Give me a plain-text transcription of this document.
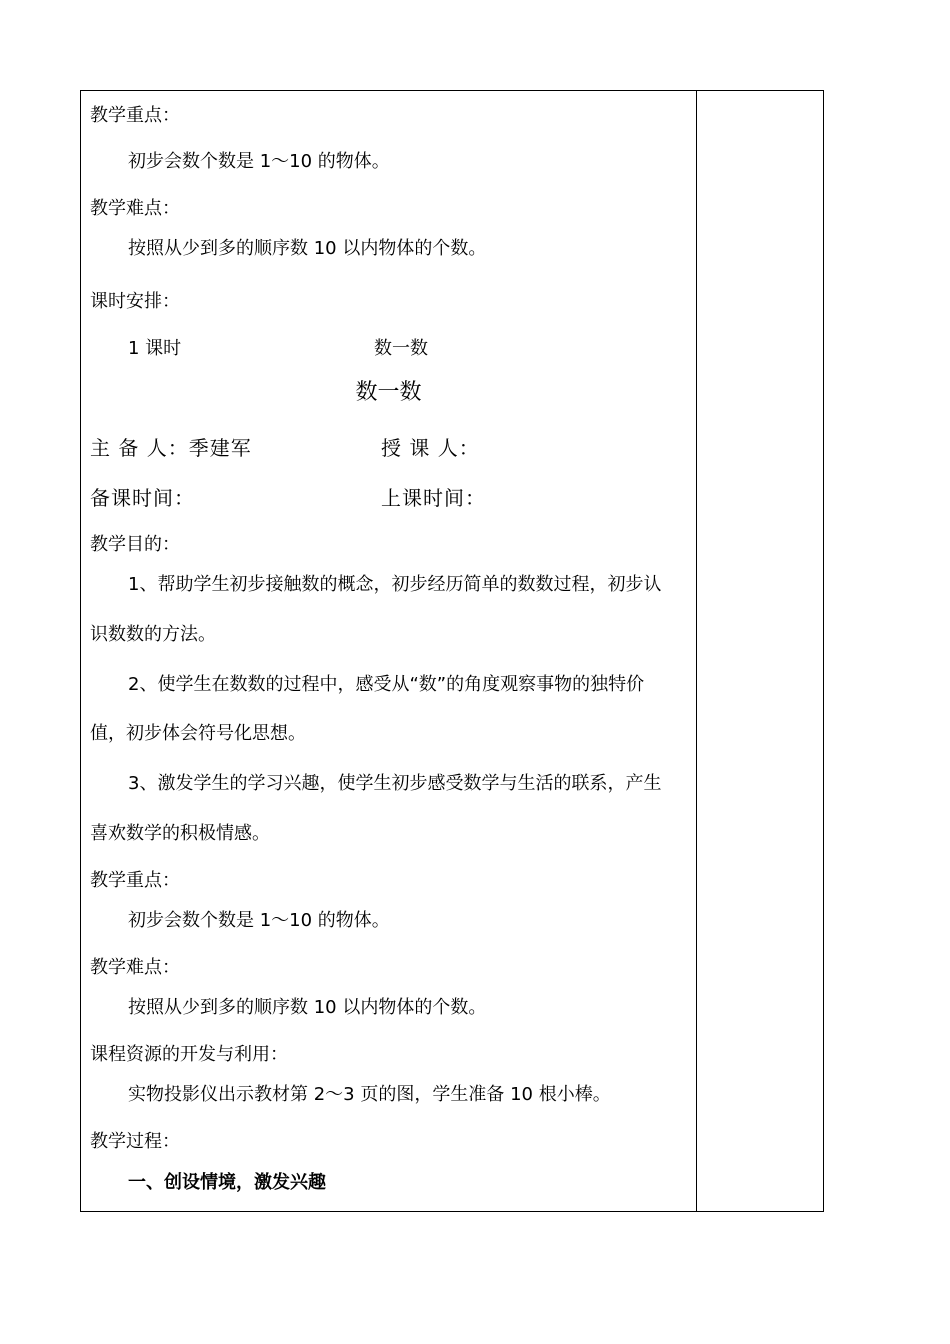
教学重点：
初步会数个数是 1～10 的物体。
教学难点：
按照从少到多的顺序数 10 以内物体的个数。
课时安排：
1 课时	数一数
数一数
主 备 人：季建军	授 课 人：
备课时间：	上课时间：
教学目的：
1、帮助学生初步接触数的概念，初步经历简单的数数过程，初步认
识数数的方法。
2、使学生在数数的过程中，感受从“数”的角度观察事物的独特价
值，初步体会符号化思想。
3、激发学生的学习兴趣，使学生初步感受数学与生活的联系，产生
喜欢数学的积极情感。
教学重点：
初步会数个数是 1～10 的物体。
教学难点：
按照从少到多的顺序数 10 以内物体的个数。
课程资源的开发与利用：
实物投影仪出示教材第 2～3 页的图，学生准备 10 根小棒。
教学过程：
一、创设情境，激发兴趣
